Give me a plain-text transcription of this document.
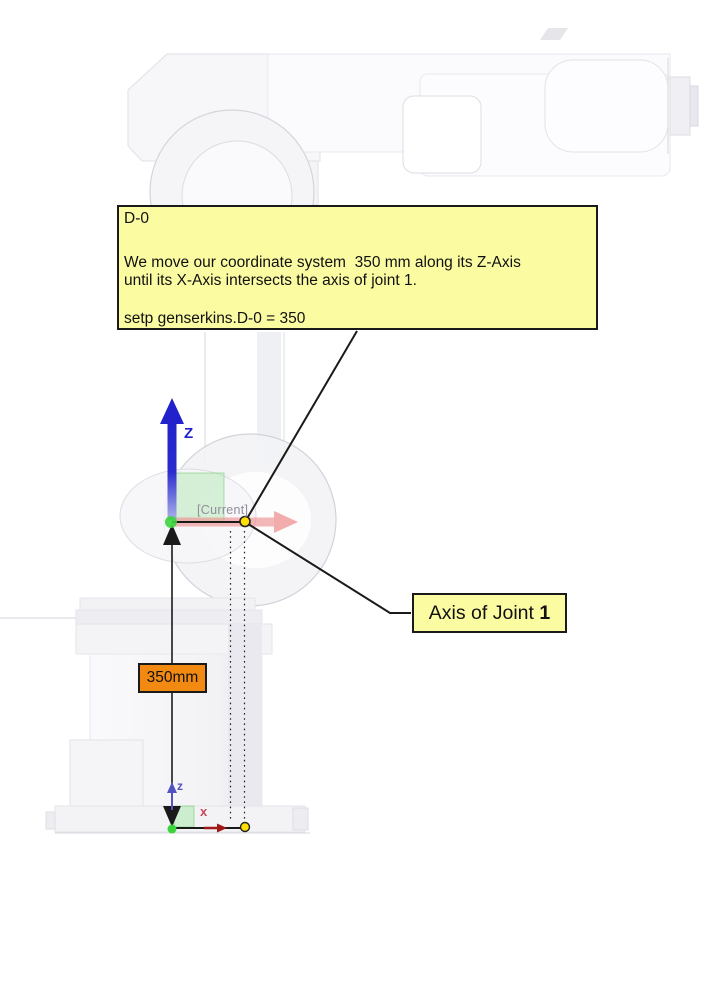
D-0

We move our coordinate system  350 mm along its Z-Axis

until its X-Axis intersects the axis of joint 1.

setp genserkins.D-0 = 350

Axis of Joint 1
350mm
Z
[Current]
z
x
